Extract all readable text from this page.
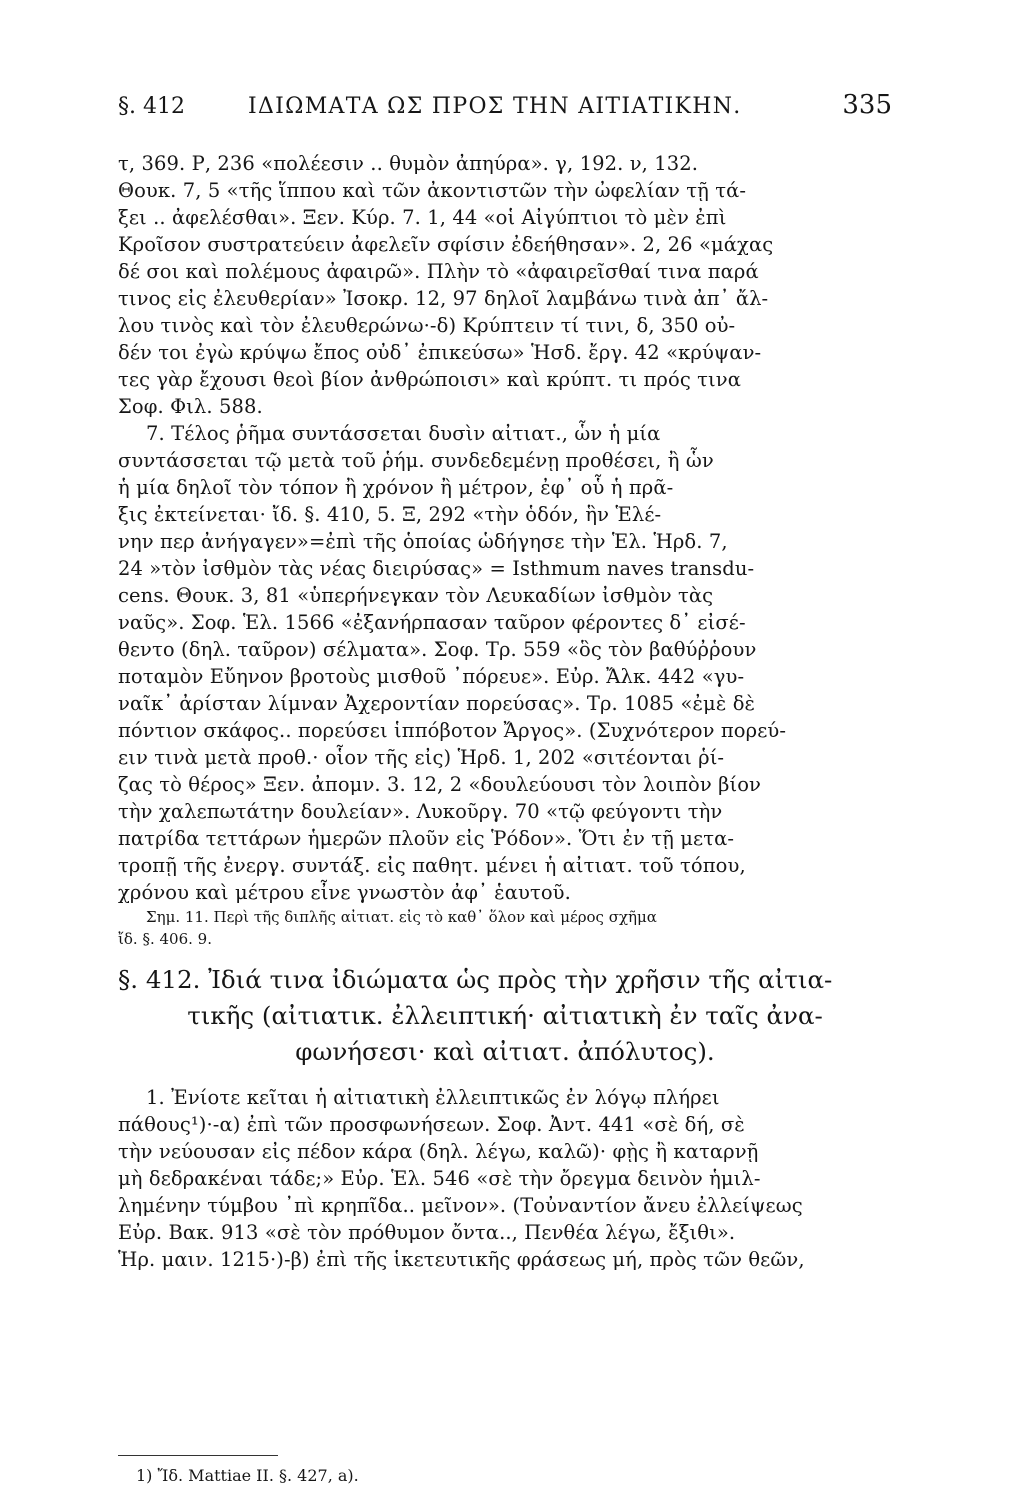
§. 412	ΙΔΙΩΜΑΤΑ ΩΣ ΠΡΟΣ ΤΗΝ ΑΙΤΙΑΤΙΚΗΝ.	335
τ, 369. Ρ, 236 «πολέεσιν .. θυμὸν ἀπηύρα». γ, 192. ν, 132.
Θουκ. 7, 5 «τῆς ἵππου καὶ τῶν ἀκοντιστῶν τὴν ὠφελίαν τῇ τά-
ξει .. ἀφελέσθαι». Ξεν. Κύρ. 7. 1, 44 «οἱ Αἰγύπτιοι τὸ μὲν ἐπὶ
Κροῖσον συστρατεύειν ἀφελεῖν σφίσιν ἐδεήθησαν». 2, 26 «μάχας
δέ σοι καὶ πολέμους ἀφαιρῶ». Πλὴν τὸ «ἀφαιρεῖσθαί τινα παρά
τινος εἰς ἐλευθερίαν» Ἰσοκρ. 12, 97 δηλοῖ λαμβάνω τινὰ ἀπ᾽ ἄλ-
λου τινὸς καὶ τὸν ἐλευθερώνω·-δ) Κρύπτειν τί τινι, δ, 350 οὐ-
δέν τοι ἐγὼ κρύψω ἔπος οὐδ᾽ ἐπικεύσω» Ἡσδ. ἔργ. 42 «κρύψαν-
τες γὰρ ἔχουσι θεοὶ βίον ἀνθρώποισι» καὶ κρύπτ. τι πρός τινα
Σοφ. Φιλ. 588.
7. Τέλος ῥῆμα συντάσσεται δυσὶν αἰτιατ., ὧν ἡ μία
συντάσσεται τῷ μετὰ τοῦ ῥήμ. συνδεδεμένῃ προθέσει, ἢ ὧν
ἡ μία δηλοῖ τὸν τόπον ἢ χρόνον ἢ μέτρον, ἐφ᾽ οὗ ἡ πρᾶ-
ξις ἐκτείνεται· ἴδ. §. 410, 5. Ξ, 292 «τὴν ὁδόν, ἣν Ἑλέ-
νην περ ἀνήγαγεν»=ἐπὶ τῆς ὁποίας ὡδήγησε τὴν Ἑλ. Ἡρδ. 7,
24 »τὸν ἰσθμὸν τὰς νέας διειρύσας» = Isthmum naves transdu-
cens. Θουκ. 3, 81 «ὑπερήνεγκαν τὸν Λευκαδίων ἰσθμὸν τὰς
ναῦς». Σοφ. Ἑλ. 1566 «ἐξανήρπασαν ταῦρον φέροντες δ᾽ εἰσέ-
θεντο (δηλ. ταῦρον) σέλματα». Σοφ. Τρ. 559 «ὃς τὸν βαθύῤῥουν
ποταμὸν Εὔηνον βροτοὺς μισθοῦ ᾽πόρευε». Εὐρ. Ἄλκ. 442 «γυ-
ναῖκ᾽ ἀρίσταν λίμναν Ἀχεροντίαν πορεύσας». Τρ. 1085 «ἐμὲ δὲ
πόντιον σκάφος.. πορεύσει ἱππόβοτον Ἄργος». (Συχνότερον πορεύ-
ειν τινὰ μετὰ προθ.· οἷον τῆς εἰς) Ἡρδ. 1, 202 «σιτέονται ῥί-
ζας τὸ θέρος» Ξεν. ἀπομν. 3. 12, 2 «δουλεύουσι τὸν λοιπὸν βίον
τὴν χαλεπωτάτην δουλείαν». Λυκοῦργ. 70 «τῷ φεύγοντι τὴν
πατρίδα τεττάρων ἡμερῶν πλοῦν εἰς Ῥόδον». Ὅτι ἐν τῇ μετα-
τροπῇ τῆς ἐνεργ. συντάξ. εἰς παθητ. μένει ἡ αἰτιατ. τοῦ τόπου,
χρόνου καὶ μέτρου εἶνε γνωστὸν ἀφ᾽ ἑαυτοῦ.
Σημ. 11. Περὶ τῆς διπλῆς αἰτιατ. εἰς τὸ καθ᾽ ὅλον καὶ μέρος σχῆμα
ἴδ. §. 406. 9.
§. 412. Ἰδιά τινα ἰδιώματα ὡς πρὸς τὴν χρῆσιν τῆς αἰτια-
τικῆς (αἰτιατικ. ἐλλειπτική· αἰτιατικὴ ἐν ταῖς ἀνα-
φωνήσεσι· καὶ αἰτιατ. ἀπόλυτος).
1. Ἐνίοτε κεῖται ἡ αἰτιατικὴ ἐλλειπτικῶς ἐν λόγῳ πλήρει
πάθους¹)·-α) ἐπὶ τῶν προσφωνήσεων. Σοφ. Ἀντ. 441 «σὲ δή, σὲ
τὴν νεύουσαν εἰς πέδον κάρα (δηλ. λέγω, καλῶ)· φῂς ἢ καταρνῇ
μὴ δεδρακέναι τάδε;» Εὐρ. Ἑλ. 546 «σὲ τὴν ὄρεγμα δεινὸν ἡμιλ-
λημένην τύμβου ᾽πὶ κρηπῖδα.. μεῖνον». (Τοὐναντίον ἄνευ ἐλλείψεως
Εὐρ. Βακ. 913 «σὲ τὸν πρόθυμον ὄντα.., Πενθέα λέγω, ἔξιθι».
Ἡρ. μαιν. 1215·)-β) ἐπὶ τῆς ἱκετευτικῆς φράσεως μή, πρὸς τῶν θεῶν,
1) Ἴδ. Mattiae II. §. 427, a).
